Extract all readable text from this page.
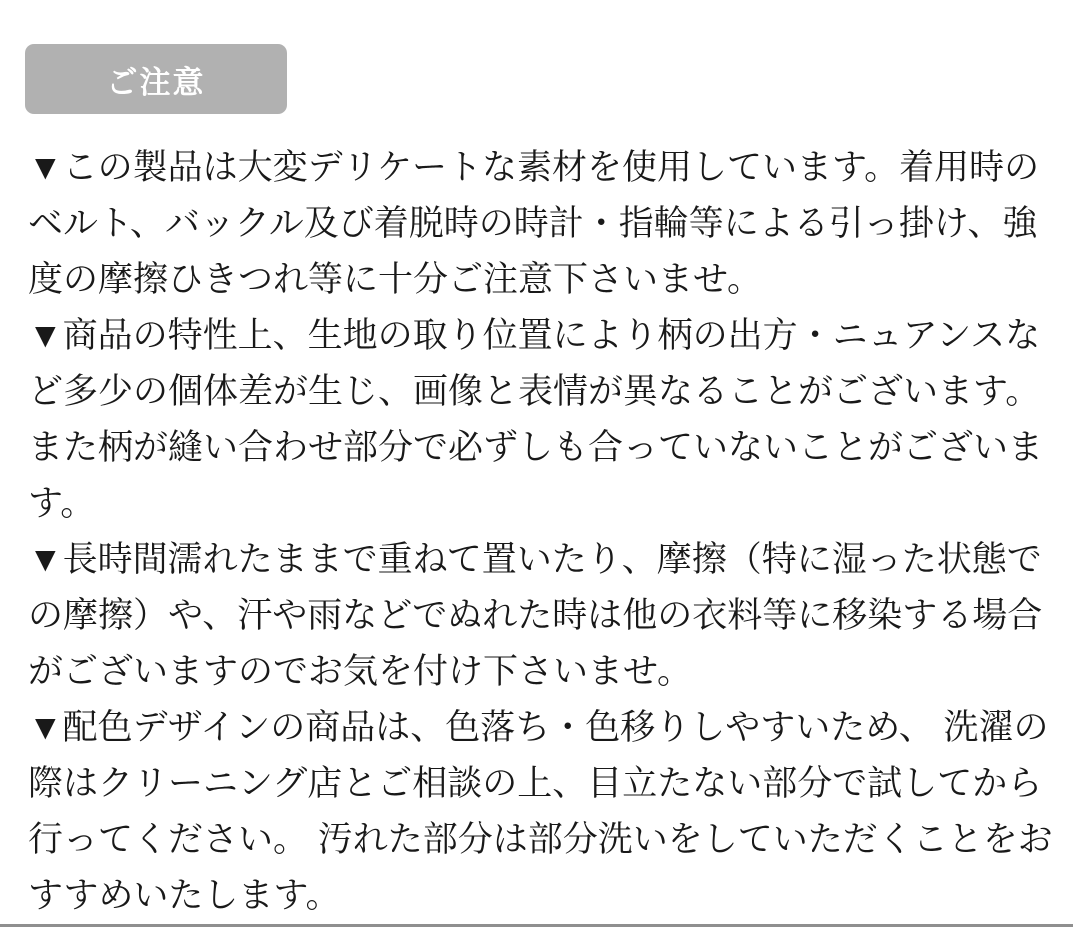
ご注意

▼この製品は大変デリケートな素材を使用しています。着用時のベルト、バックル及び着脱時の時計・指輪等による引っ掛け、強度の摩擦ひきつれ等に十分ご注意下さいませ。

▼商品の特性上、生地の取り位置により柄の出方・ニュアンスなど多少の個体差が生じ、画像と表情が異なることがございます。また柄が縫い合わせ部分で必ずしも合っていないことがございます。

▼長時間濡れたままで重ねて置いたり、摩擦（特に湿った状態での摩擦）や、汗や雨などでぬれた時は他の衣料等に移染する場合がございますのでお気を付け下さいませ。

▼配色デザインの商品は、色落ち・色移りしやすいため、 洗濯の際はクリーニング店とご相談の上、目立たない部分で試してから行ってください。 汚れた部分は部分洗いをしていただくことをおすすめいたします。
